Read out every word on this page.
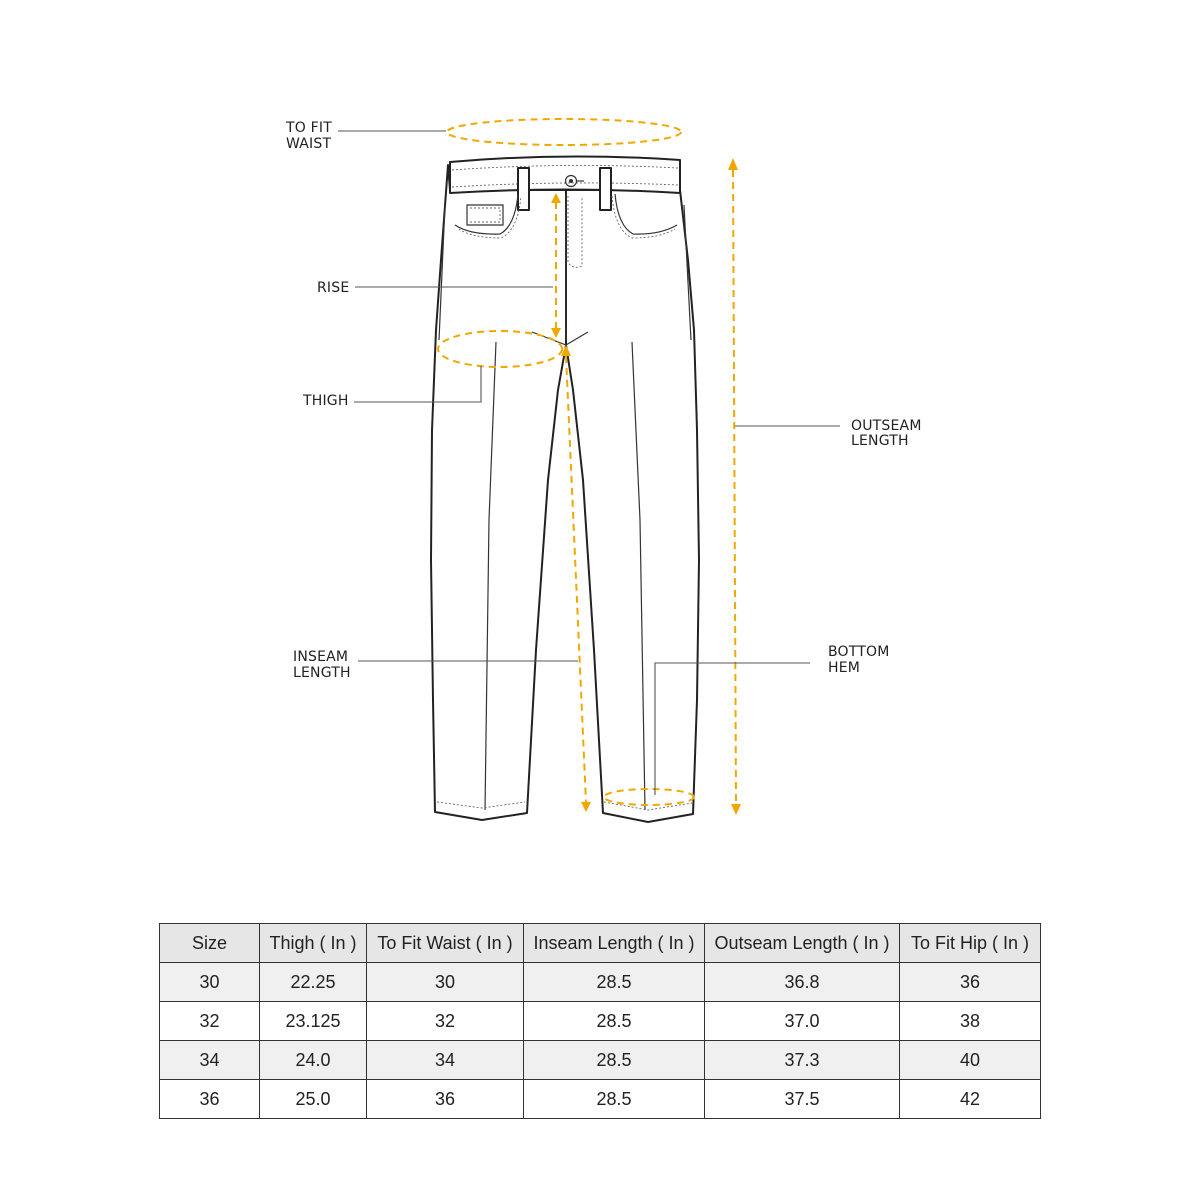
TO FIT WAIST
RISE
THIGH
INSEAM LENGTH
OUTSEAM LENGTH
BOTTOM HEM
Size	Thigh ( In )	To Fit Waist ( In )	Inseam Length ( In )	Outseam Length ( In )	To Fit Hip ( In )
30	22.25	30	28.5	36.8	36
32	23.125	32	28.5	37.0	38
34	24.0	34	28.5	37.3	40
36	25.0	36	28.5	37.5	42
